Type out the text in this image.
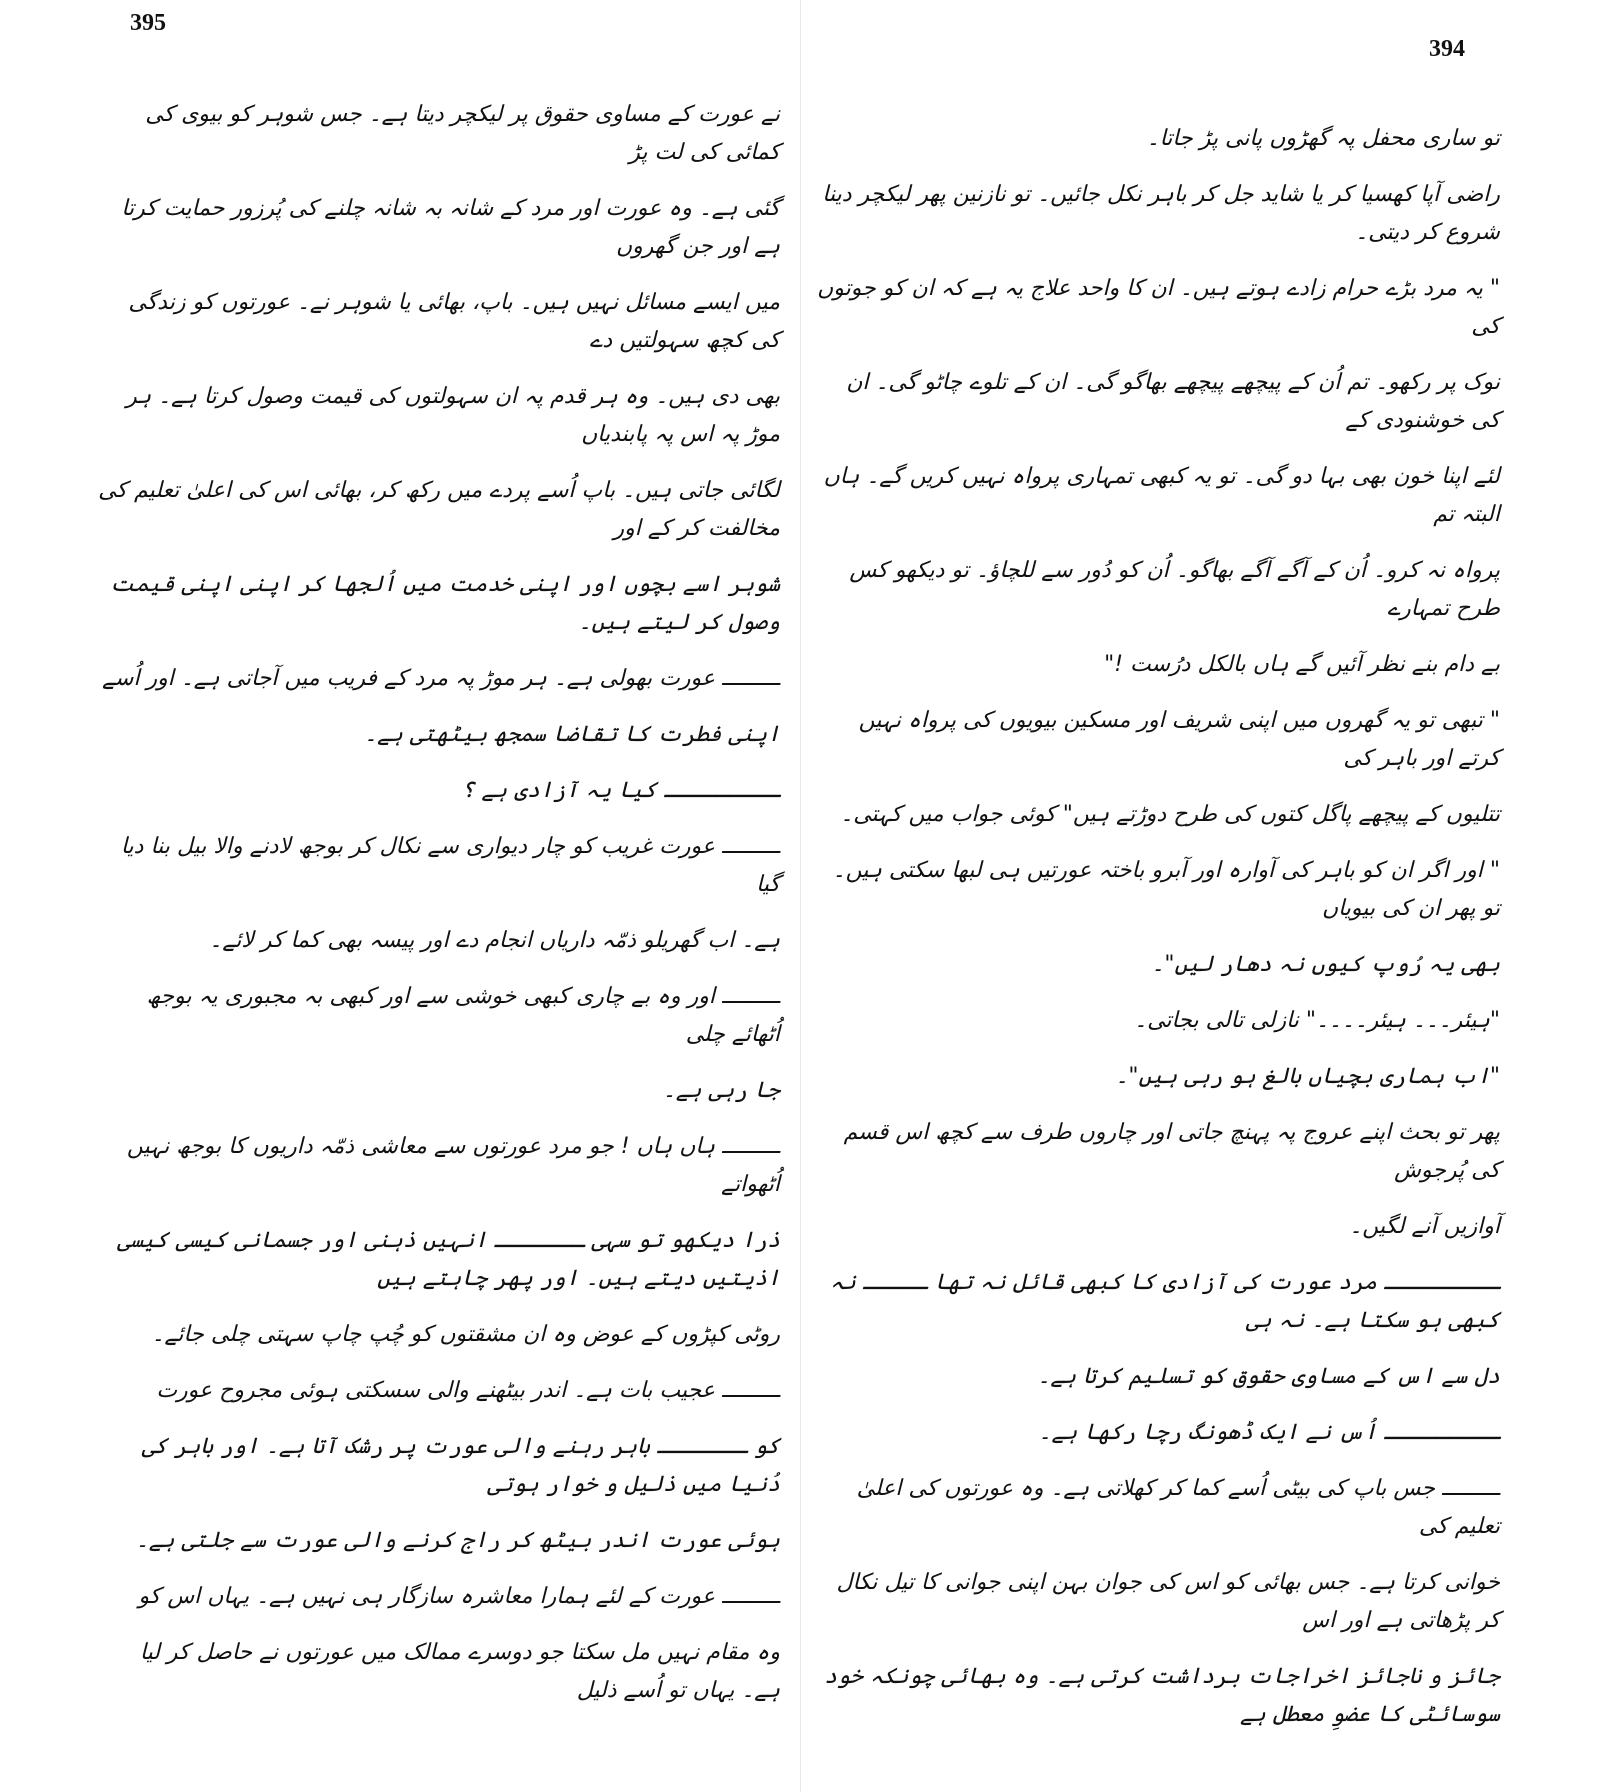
395
نے عورت کے مساوی حقوق پر لیکچر دیتا ہے۔ جس شوہر کو بیوی کی کمائی کی لت پڑ
گئی ہے۔ وہ عورت اور مرد کے شانہ بہ شانہ چلنے کی پُرزور حمایت کرتا ہے اور جن گھروں
میں ایسے مسائل نہیں ہیں۔ باپ، بھائی یا شوہر نے۔ عورتوں کو زندگی کی کچھ سہولتیں دے
بھی دی ہیں۔ وہ ہر قدم پہ ان سہولتوں کی قیمت وصول کرتا ہے۔ ہر موڑ پہ اس پہ پابندیاں
لگائی جاتی ہیں۔ باپ اُسے پردے میں رکھ کر، بھائی اس کی اعلیٰ تعلیم کی مخالفت کر کے اور
شوہر اسے بچوں اور اپنی خدمت میں اُلجھا کر اپنی اپنی قیمت وصول کر لیتے ہیں۔
ـــــــــ عورت بھولی ہے۔ ہر موڑ پہ مرد کے فریب میں آجاتی ہے۔ اور اُسے
اپنی فطرت کا تقاضا سمجھ بیٹھتی ہے۔
ـــــــــ کیا یہ آزادی ہے ؟
ـــــــــ عورت غریب کو چار دیواری سے نکال کر بوجھ لادنے والا بیل بنا دیا گیا
ہے۔ اب گھریلو ذمّہ داریاں انجام دے اور پیسہ بھی کما کر لائے۔
ـــــــــ اور وہ بے چاری کبھی خوشی سے اور کبھی بہ مجبوری یہ بوجھ اُٹھائے چلی
جا رہی ہے۔
ـــــــــ ہاں ہاں ! جو مرد عورتوں سے معاشی ذمّہ داریوں کا بوجھ نہیں اُٹھواتے
ذرا دیکھو تو سہی ـــــــ انہیں ذہنی اور جسمانی کیسی کیسی اذیتیں دیتے ہیں۔ اور پھر چاہتے ہیں
روٹی کپڑوں کے عوض وہ ان مشقتوں کو چُپ چاپ سہتی چلی جائے۔
ـــــــــ عجیب بات ہے۔ اندر بیٹھنے والی سسکتی ہوئی مجروح عورت
کو ـــــــ باہر رہنے والی عورت پر رشک آتا ہے۔ اور باہر کی دُنیا میں ذلیل و خوار ہوتی
ہوئی عورت اندر بیٹھ کر راج کرنے والی عورت سے جلتی ہے۔
ـــــــــ عورت کے لئے ہمارا معاشرہ سازگار ہی نہیں ہے۔ یہاں اس کو
وہ مقام نہیں مل سکتا جو دوسرے ممالک میں عورتوں نے حاصل کر لیا ہے۔ یہاں تو اُسے ذلیل
394
تو ساری محفل پہ گھڑوں پانی پڑ جاتا۔
راضی آپا کھسیا کر یا شاید جل کر باہر نکل جائیں۔ تو نازنین پھر لیکچر دینا شروع کر دیتی۔
" یہ مرد بڑے حرام زادے ہوتے ہیں۔ ان کا واحد علاج یہ ہے کہ ان کو جوتوں کی
نوک پر رکھو۔ تم اُن کے پیچھے پیچھے بھاگو گی۔ ان کے تلوے چاٹو گی۔ ان کی خوشنودی کے
لئے اپنا خون بھی بہا دو گی۔ تو یہ کبھی تمہاری پرواہ نہیں کریں گے۔ ہاں البتہ تم
پرواہ نہ کرو۔ اُن کے آگے آگے بھاگو۔ اُن کو دُور سے للچاؤ۔ تو دیکھو کس طرح تمہارے
بے دام بنے نظر آئیں گے ہاں بالکل درُست !"
" تبھی تو یہ گھروں میں اپنی شریف اور مسکین بیویوں کی پرواہ نہیں کرتے اور باہر کی
تتلیوں کے پیچھے پاگل کتوں کی طرح دوڑتے ہیں" کوئی جواب میں کہتی۔
" اور اگر ان کو باہر کی آوارہ اور آبرو باختہ عورتیں ہی لبھا سکتی ہیں۔ تو پھر ان کی بیویاں
بھی یہ رُوپ کیوں نہ دھار لیں"۔
"ہیئر۔۔۔ ہیئر۔۔۔۔" نازلی تالی بجاتی۔
"اب ہماری بچیاں بالغ ہو رہی ہیں"۔
پھر تو بحث اپنے عروج پہ پہنچ جاتی اور چاروں طرف سے کچھ اس قسم کی پُرجوش
آوازیں آنے لگیں۔
ـــــــــ مرد عورت کی آزادی کا کبھی قائل نہ تھا ـــــ نہ کبھی ہو سکتا ہے۔ نہ ہی
دل سے اس کے مساوی حقوق کو تسلیم کرتا ہے۔
ـــــــــ اُس نے ایک ڈھونگ رچا رکھا ہے۔
ـــــــــ جس باپ کی بیٹی اُسے کما کر کھلاتی ہے۔ وہ عورتوں کی اعلیٰ تعلیم کی
خوانی کرتا ہے۔ جس بھائی کو اس کی جوان بہن اپنی جوانی کا تیل نکال کر پڑھاتی ہے اور اس
جائز و ناجائز اخراجات برداشت کرتی ہے۔ وہ بھائی چونکہ خود سوسائٹی کا عضوِ معطل ہے
